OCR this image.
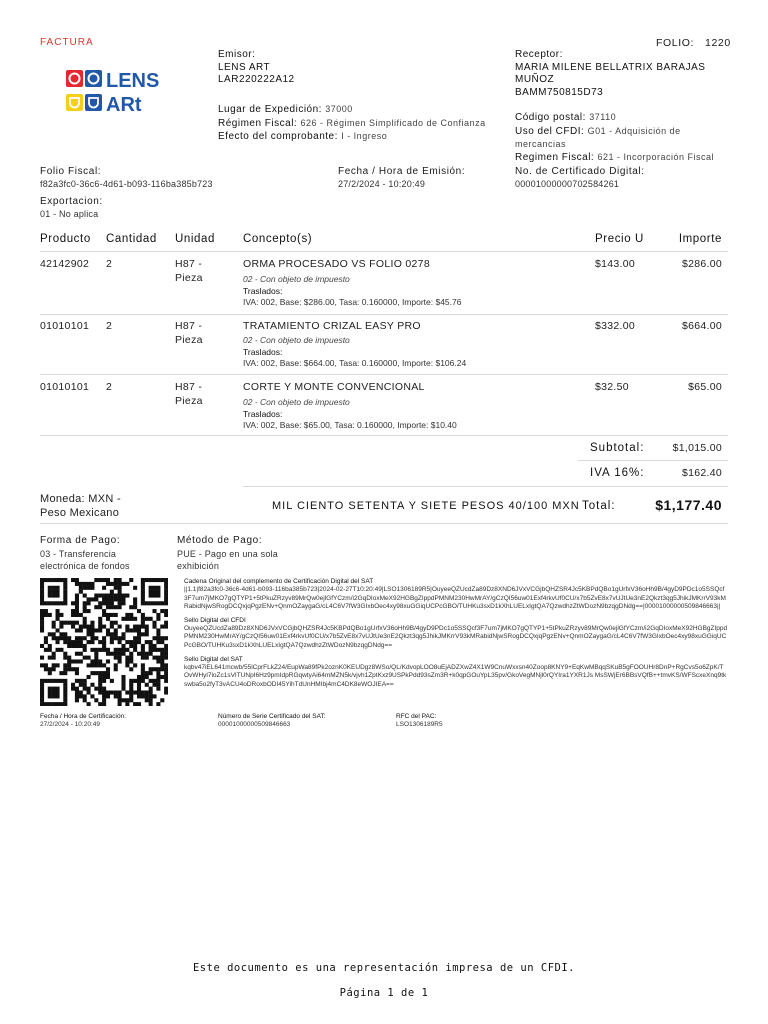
FACTURA	FOLIO: 1220
LENS
ARt
Emisor:
LENS ART
LAR220222A12
Lugar de Expedición: 37000
Régimen Fiscal: 626 - Régimen Simplificado de Confianza
Efecto del comprobante: I - Ingreso
Receptor:
MARIA MILENE BELLATRIX BARAJAS
MUÑOZ
BAMM750815D73
Código postal: 37110
Uso del CFDI: G01 - Adquisición de
mercancias
Regimen Fiscal: 621 - Incorporación Fiscal
Folio Fiscal:
f82a3fc0-36c6-4d61-b093-116ba385b723
Fecha / Hora de Emisión:
27/2/2024 - 10:20:49
No. de Certificado Digital:
00001000000702584261
Exportacion:
01 - No aplica
Producto Cantidad Unidad Concepto(s)	Precio U	Importe
42142902 2	H87 -
Pieza
ORMA PROCESADO VS FOLIO 0278
02 - Con objeto de impuesto
Traslados:
IVA: 002, Base: $286.00, Tasa: 0.160000, Importe: $45.76
$143.00	$286.00
01010101 2	H87 -
Pieza
TRATAMIENTO CRIZAL EASY PRO
02 - Con objeto de impuesto
Traslados:
IVA: 002, Base: $664.00, Tasa: 0.160000, Importe: $106.24
$332.00	$664.00
01010101 2	H87 -
Pieza
CORTE Y MONTE CONVENCIONAL
02 - Con objeto de impuesto
Traslados:
IVA: 002, Base: $65.00, Tasa: 0.160000, Importe: $10.40
$32.50	$65.00
Subtotal:	$1,015.00
IVA 16%:	$162.40
Moneda: MXN -
Peso Mexicano
MIL CIENTO SETENTA Y SIETE PESOS 40/100 MXN Total:	$1,177.40
Forma de Pago:
03 - Transferencia
electrónica de fondos
Método de Pago:
PUE - Pago en una sola
exhibición
Cadena Original del complemento de Certificación Digital del SAT
||1.1|f82a3fc0-36c6-4d61-b093-116ba385b723|2024-02-27T10:20:49|LSO1306189R5|OuyeeQZUcdZa89Dz8XND6JVxVCGjbQHZSR4Jc5KBPdQBo1gUrfxV36oHh9B/4gyD9PDc1o5SSQcf3F7um7jMKO7gQTYP1+5tPkuZRzyv89MrQw0ejlGfYCzm/i2GqDIoxMeX92HGBgZIppdPMNM230HwMrAY/gCzQI56uw01Exf4rkvUf0CU/x7b5ZvE8x7vUJtUe3nE2Qkzt3qg5JhikJMKrrV93kMRabidNjwSRogDCQxjqPgzENv+QnmOZaygaG/cL4C6V7fW3GIxbOec4xy98xuGGiqUCPcGBO/TUHKu3sxD1kXhLUELxIgtQA7QzwdhzZtWDozN9bzqgDNdg==|00001000000509846663||
Sello Digital del CFDI
OuyeeQZUcdZa89Dz8XND6JVxVCGjbQHZSR4Jc5KBPdQBo1gUrfxV36oHh9B/4gyD9PDc1o5SSQcf3F7um7jMKO7gQTYP1+5tPkuZRzyv89MrQw0ejlGfYCzm/i2GqDIoxMeX92HGBgZIppdPMNM230HwMrAY/gCzQI56uw01Exf4rkvUf0CU/x7b5ZvE8x7vUJtUe3nE2Qkzt3qg5JhikJMKrrV93kMRabidNjwSRogDCQxjqPgzENv+QnmOZaygaG/cL4C6V7fW3GIxbOec4xy98xuGGiqUCPcGBO/TUHKu3sxD1kXhLUELxIgtQA7QzwdhzZtWDozN9bzqgDNdg==
Sello Digital del SAT
kqbv47iEL641mcwb/55lCprFLkZ24/EupWa89fPk2oznK0KEUDgz8WSo/QL/KdvopLOO8uEjADZXwZ4X1W9CnuWxxsn40Zoop8KNY9+EqKwMBqqSKuB5gFOOUHr8DnP+RgCvs5o6ZpK/TOvWHyl7loZc1sVITUNpI6Hz9pmIdpRGqwtyAi64mMZN5k/vjvh1ZptKxz9USPkPdd93sZm3R+k0qpGOuYpL35pv/GkoVegMNjl0rQYIra1YXR1Js MsSWjEr6BBsVQfB++tmvKS/WFScxeXnq9tkswba5o2fyT3vACU4oDRoxbODI45YihTdUnHMIbj4mC4DK8eWOJIEA==
Fecha / Hora de Certificación:
27/2/2024 - 10:20:49
Número de Serie Certificado del SAT:
00001000000509846663
RFC del PAC:
LSO1306189R5
Este documento es una representación impresa de un CFDI.
Página 1 de 1
